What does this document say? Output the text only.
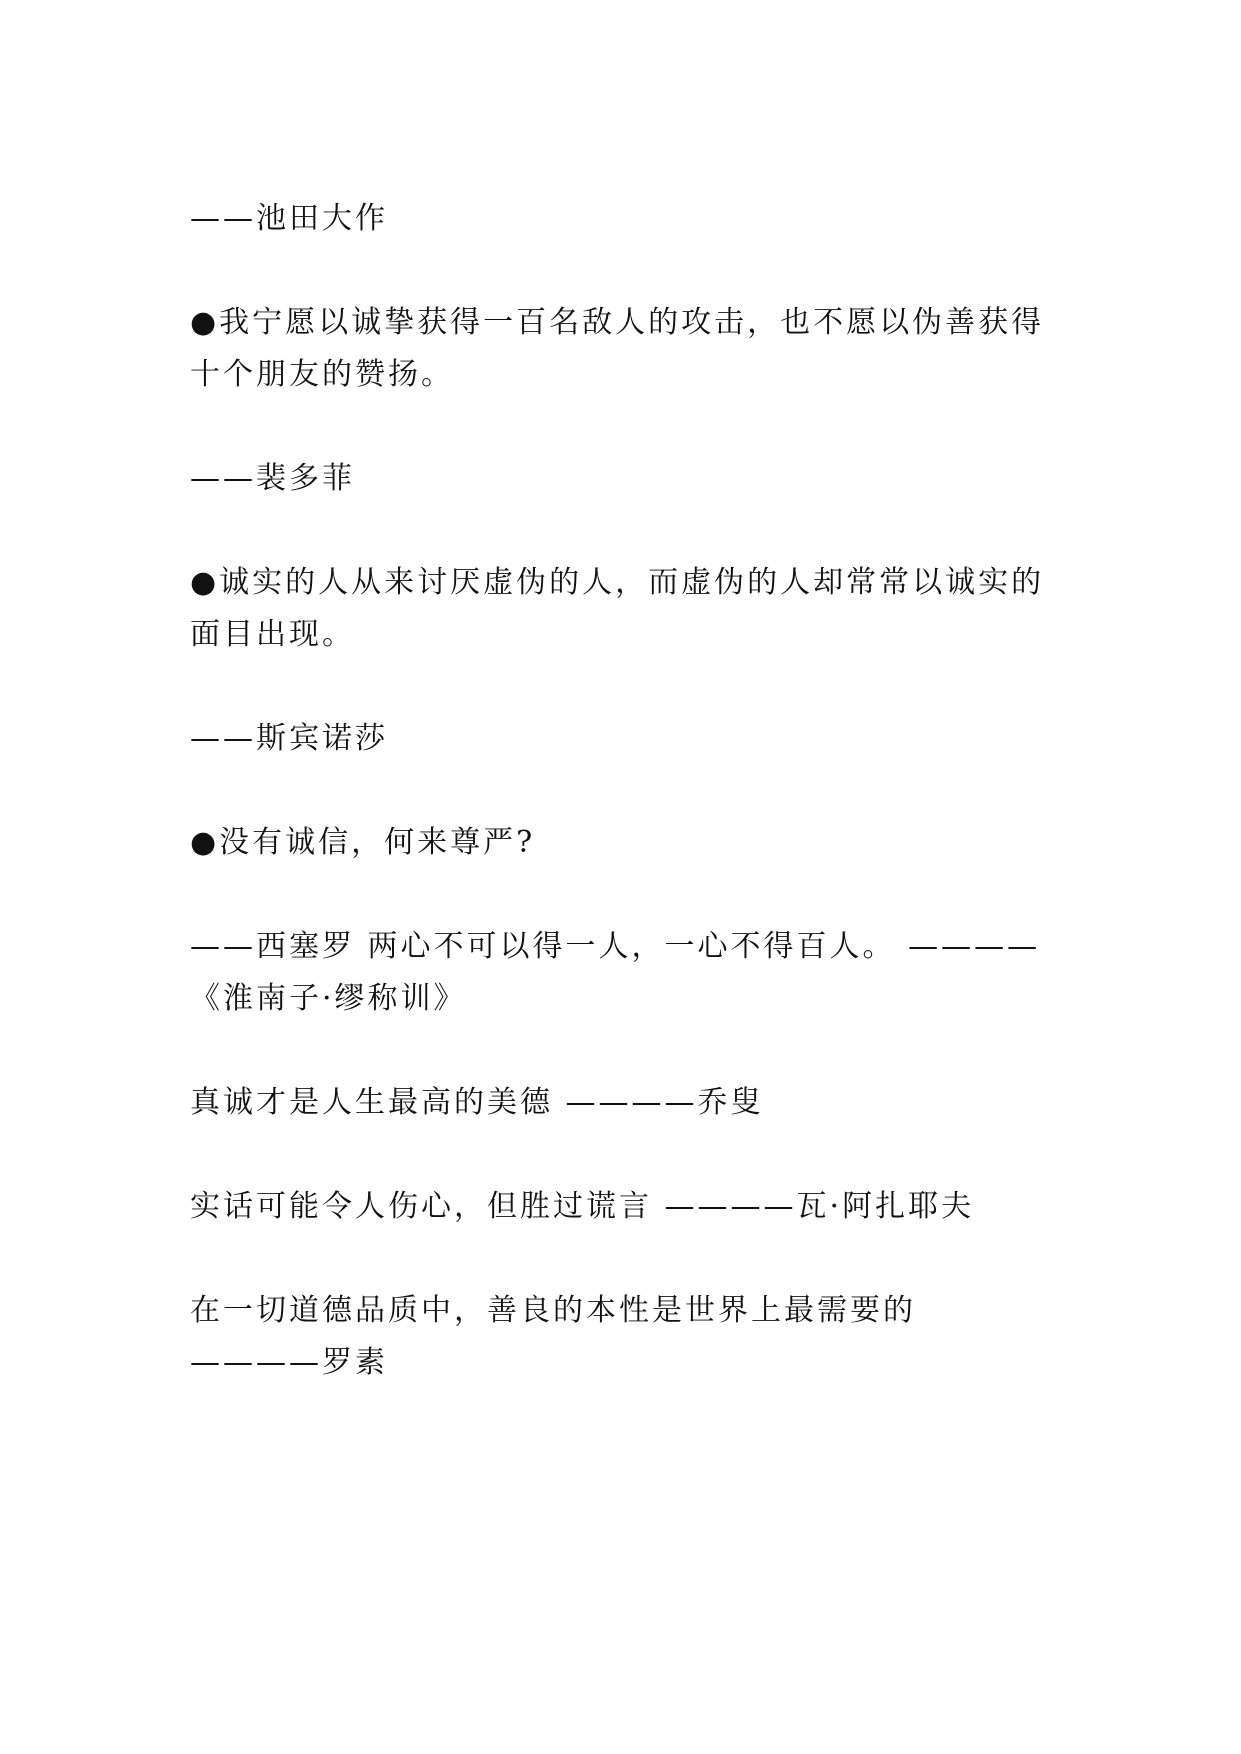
——池田大作
●我宁愿以诚挚获得一百名敌人的攻击，也不愿以伪善获得
十个朋友的赞扬。
——裴多菲
●诚实的人从来讨厌虚伪的人，而虚伪的人却常常以诚实的
面目出现。
——斯宾诺莎
●没有诚信，何来尊严?
——西塞罗 两心不可以得一人，一心不得百人。 ————
《淮南子·缪称训》
真诚才是人生最高的美德 ————乔叟
实话可能令人伤心，但胜过谎言 ————瓦·阿扎耶夫
在一切道德品质中，善良的本性是世界上最需要的
————罗素
